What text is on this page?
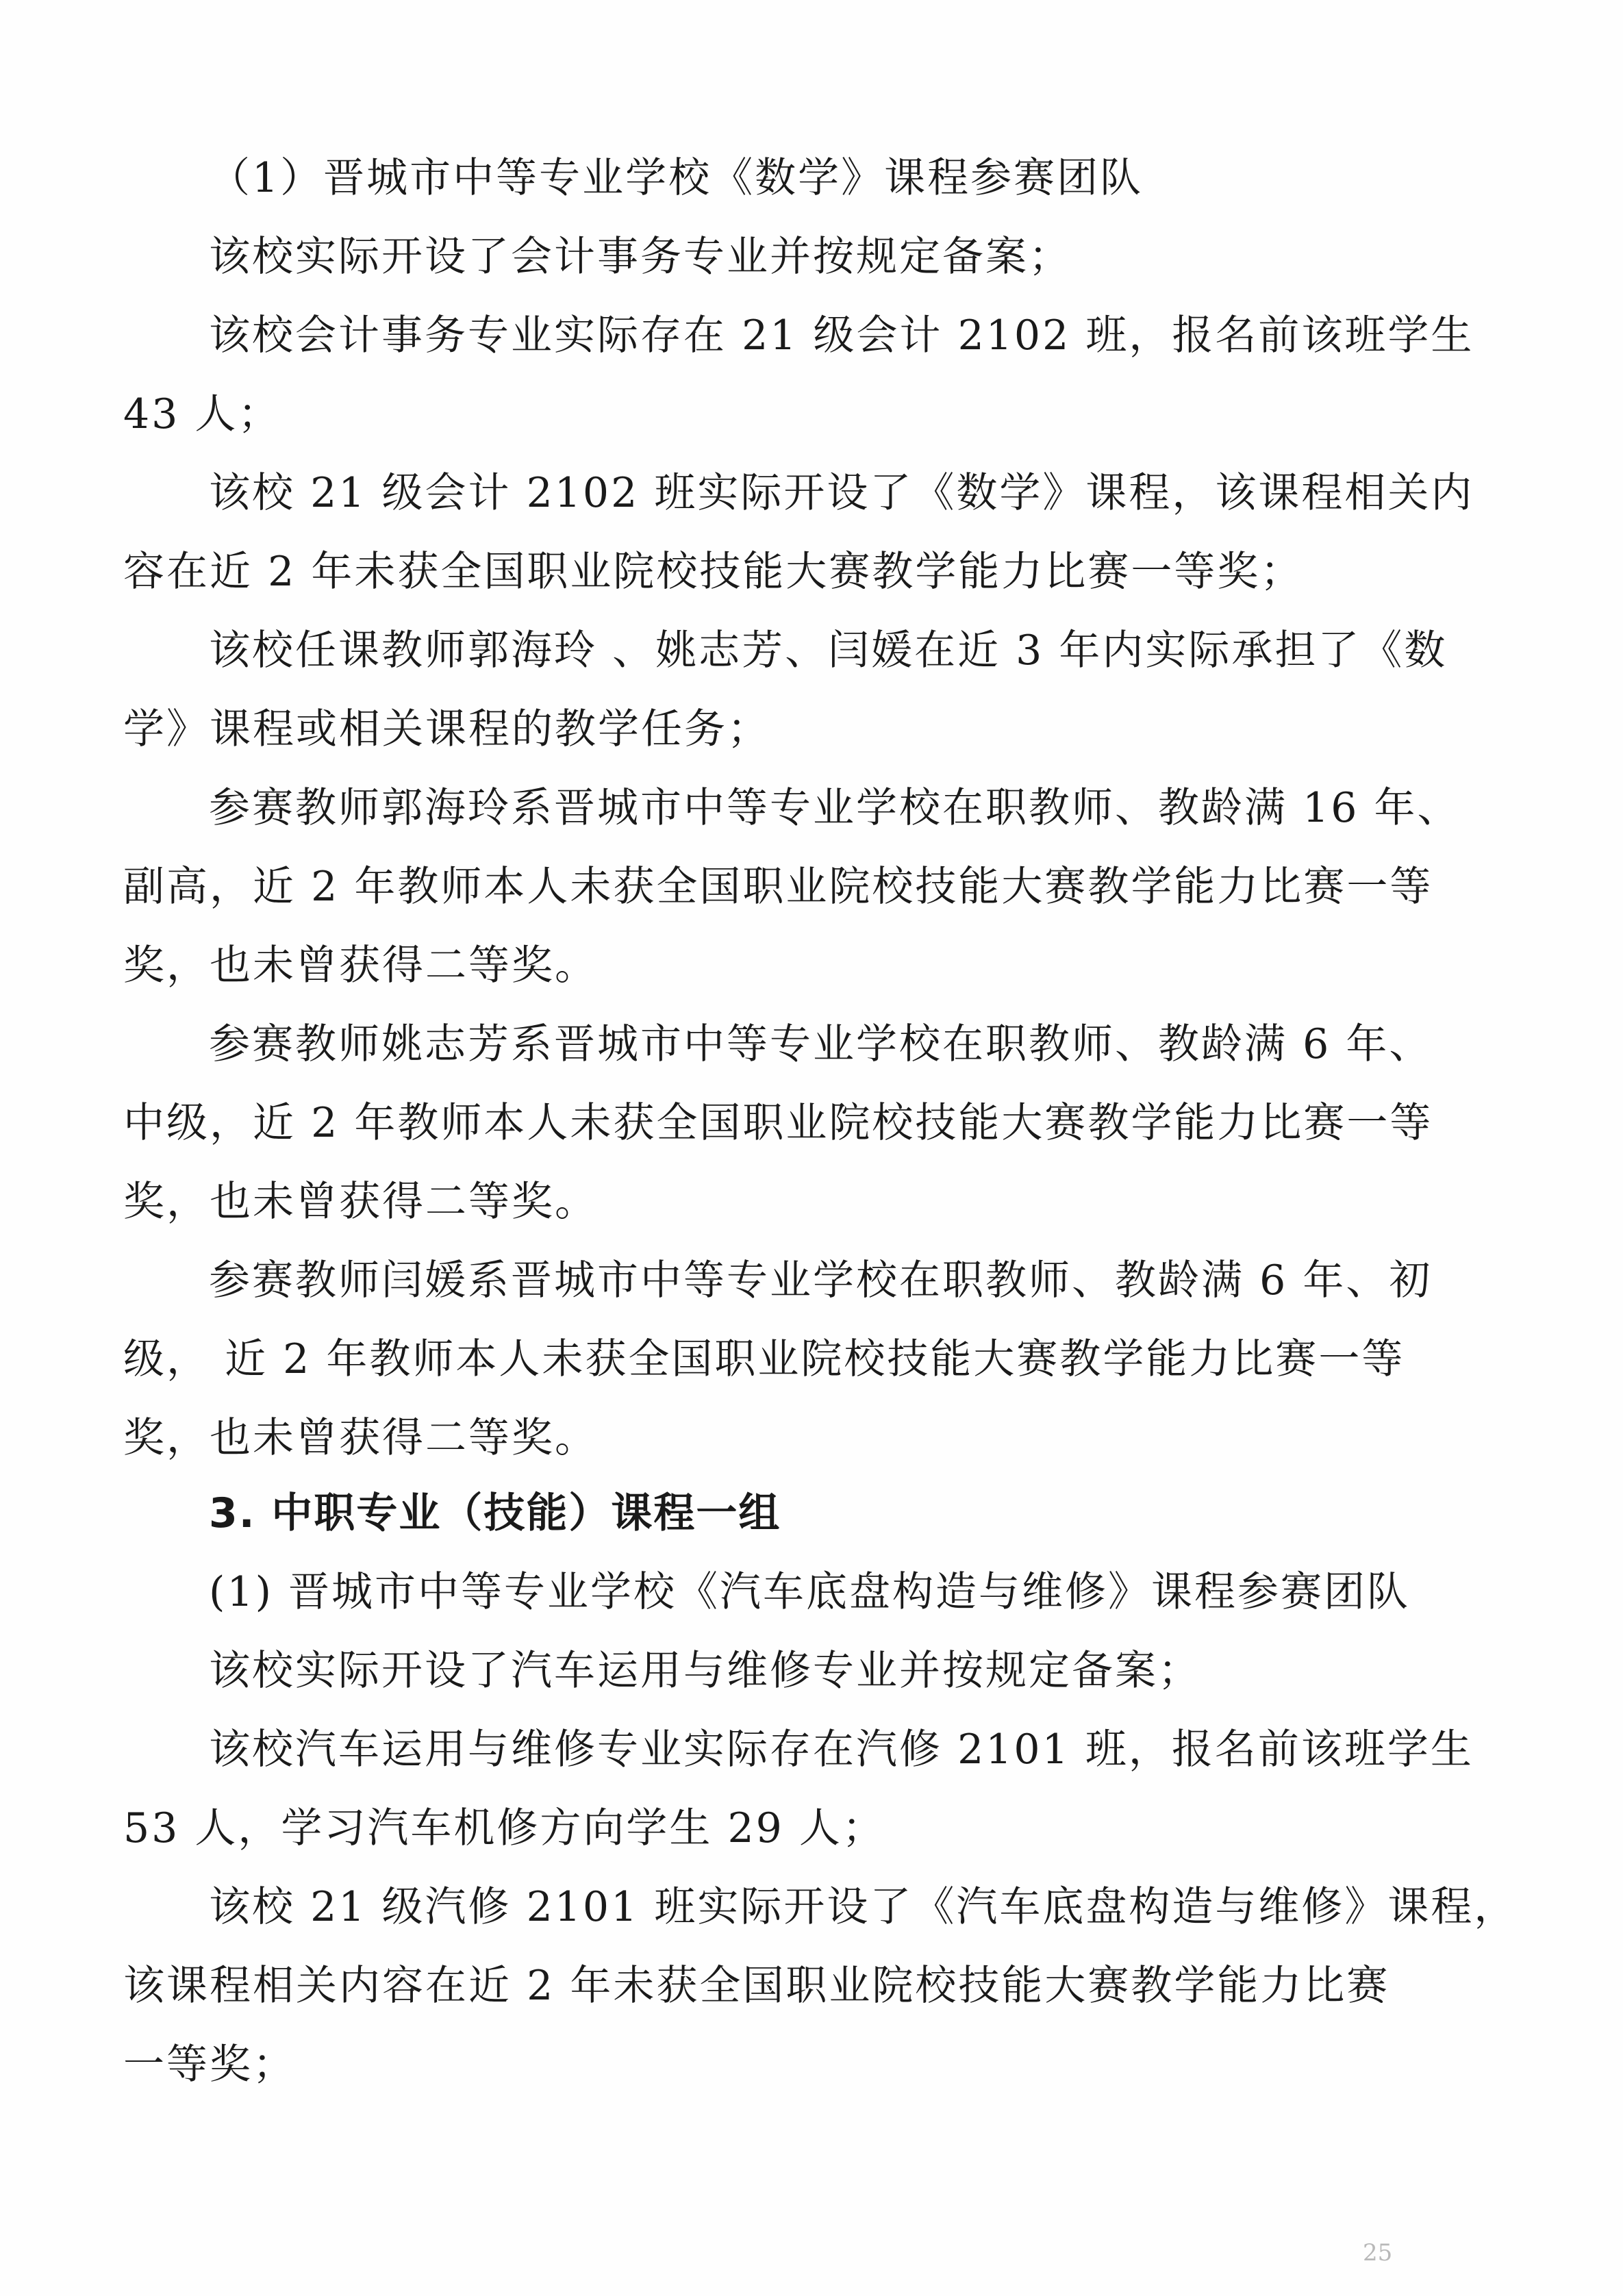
（1）晋城市中等专业学校《数学》课程参赛团队
该校实际开设了会计事务专业并按规定备案；
该校会计事务专业实际存在 21 级会计 2102 班，报名前该班学生
43 人；
该校 21 级会计 2102 班实际开设了《数学》课程，该课程相关内
容在近 2 年未获全国职业院校技能大赛教学能力比赛一等奖；
该校任课教师郭海玲 、姚志芳、闫媛在近 3 年内实际承担了《数
学》课程或相关课程的教学任务；
参赛教师郭海玲系晋城市中等专业学校在职教师、教龄满 16 年、
副高，近 2 年教师本人未获全国职业院校技能大赛教学能力比赛一等
奖，也未曾获得二等奖。
参赛教师姚志芳系晋城市中等专业学校在职教师、教龄满 6 年、
中级，近 2 年教师本人未获全国职业院校技能大赛教学能力比赛一等
奖，也未曾获得二等奖。
参赛教师闫媛系晋城市中等专业学校在职教师、教龄满 6 年、初
级， 近 2 年教师本人未获全国职业院校技能大赛教学能力比赛一等
奖，也未曾获得二等奖。
3. 中职专业（技能）课程一组
(1) 晋城市中等专业学校《汽车底盘构造与维修》课程参赛团队
该校实际开设了汽车运用与维修专业并按规定备案；
该校汽车运用与维修专业实际存在汽修 2101 班，报名前该班学生
53 人，学习汽车机修方向学生 29 人；
该校 21 级汽修 2101 班实际开设了《汽车底盘构造与维修》课程，
该课程相关内容在近 2 年未获全国职业院校技能大赛教学能力比赛
一等奖；
25
